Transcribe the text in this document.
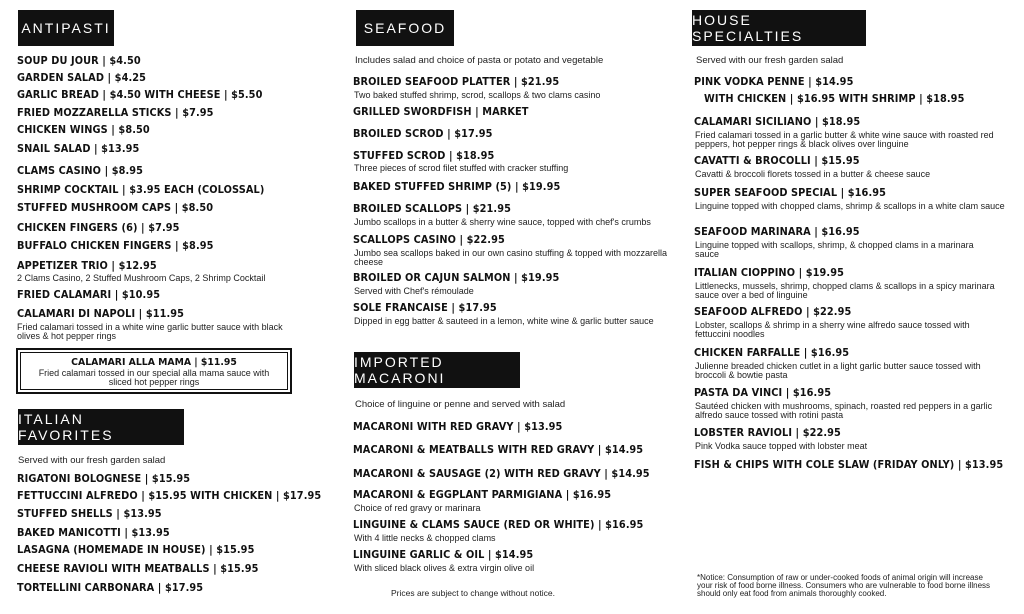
ANTIPASTI
SOUP DU JOUR | $4.50
GARDEN SALAD | $4.25
GARLIC BREAD | $4.50 WITH CHEESE | $5.50
FRIED MOZZARELLA STICKS | $7.95
CHICKEN WINGS | $8.50
SNAIL SALAD | $13.95
CLAMS CASINO | $8.95
SHRIMP COCKTAIL | $3.95 EACH (COLOSSAL)
STUFFED MUSHROOM CAPS | $8.50
CHICKEN FINGERS (6) | $7.95
BUFFALO CHICKEN FINGERS | $8.95
APPETIZER TRIO | $12.95
2 Clams Casino, 2 Stuffed Mushroom Caps, 2 Shrimp Cocktail
FRIED CALAMARI | $10.95
CALAMARI DI NAPOLI | $11.95
Fried calamari tossed in a white wine garlic butter sauce with black olives & hot pepper rings
CALAMARI ALLA MAMA | $11.95
Fried calamari tossed in our special alla mama sauce with sliced hot pepper rings
ITALIAN FAVORITES
Served with our fresh garden salad
RIGATONI BOLOGNESE | $15.95
FETTUCCINI ALFREDO | $15.95 WITH CHICKEN | $17.95
STUFFED SHELLS | $13.95
BAKED MANICOTTI | $13.95
LASAGNA (HOMEMADE IN HOUSE) | $15.95
CHEESE RAVIOLI WITH MEATBALLS | $15.95
TORTELLINI CARBONARA | $17.95
SEAFOOD
Includes salad and choice of pasta or potato and vegetable
BROILED SEAFOOD PLATTER | $21.95
Two baked stuffed shrimp, scrod, scallops & two clams casino
GRILLED SWORDFISH | MARKET
BROILED SCROD | $17.95
STUFFED SCROD | $18.95
Three pieces of scrod filet stuffed with cracker stuffing
BAKED STUFFED SHRIMP (5) | $19.95
BROILED SCALLOPS | $21.95
Jumbo scallops in a butter & sherry wine sauce, topped with chef's crumbs
SCALLOPS CASINO | $22.95
Jumbo sea scallops baked in our own casino stuffing & topped with mozzarella cheese
BROILED OR CAJUN SALMON | $19.95
Served with Chef's rémoulade
SOLE FRANCAISE | $17.95
Dipped in egg batter & sauteed in a lemon, white wine & garlic butter sauce
IMPORTED MACARONI
Choice of linguine or penne and served with salad
MACARONI WITH RED GRAVY | $13.95
MACARONI & MEATBALLS WITH RED GRAVY | $14.95
MACARONI & SAUSAGE (2) WITH RED GRAVY | $14.95
MACARONI & EGGPLANT PARMIGIANA | $16.95
Choice of red gravy or marinara
LINGUINE & CLAMS SAUCE (RED OR WHITE) | $16.95
With 4 little necks & chopped clams
LINGUINE GARLIC & OIL | $14.95
With sliced black olives & extra virgin olive oil
Prices are subject to change without notice.
HOUSE SPECIALTIES
Served with our fresh garden salad
PINK VODKA PENNE | $14.95
WITH CHICKEN | $16.95 WITH SHRIMP | $18.95
CALAMARI SICILIANO | $18.95
Fried calamari tossed in a garlic butter & white wine sauce with roasted red peppers, hot pepper rings & black olives over linguine
CAVATTI & BROCOLLI | $15.95
Cavatti & broccoli florets tossed in a butter & cheese sauce
SUPER SEAFOOD SPECIAL | $16.95
Linguine topped with chopped clams, shrimp & scallops in a white clam sauce
SEAFOOD MARINARA | $16.95
Linguine topped with scallops, shrimp, & chopped clams in a marinara sauce
ITALIAN CIOPPINO | $19.95
Littlenecks, mussels, shrimp, chopped clams & scallops in a spicy marinara sauce over a bed of linguine
SEAFOOD ALFREDO | $22.95
Lobster, scallops & shrimp in a sherry wine alfredo sauce tossed with fettuccini noodles
CHICKEN FARFALLE | $16.95
Julienne breaded chicken cutlet in a light garlic butter sauce tossed with broccoli & bowtie pasta
PASTA DA VINCI | $16.95
Sautéed chicken with mushrooms, spinach, roasted red peppers in a garlic alfredo sauce tossed with rotini pasta
LOBSTER RAVIOLI | $22.95
Pink Vodka sauce topped with lobster meat
FISH & CHIPS WITH COLE SLAW (FRIDAY ONLY) | $13.95
*Notice: Consumption of raw or under-cooked foods of animal origin will increase your risk of food borne illness. Consumers who are vulnerable to food borne illness should only eat food from animals thoroughly cooked.
